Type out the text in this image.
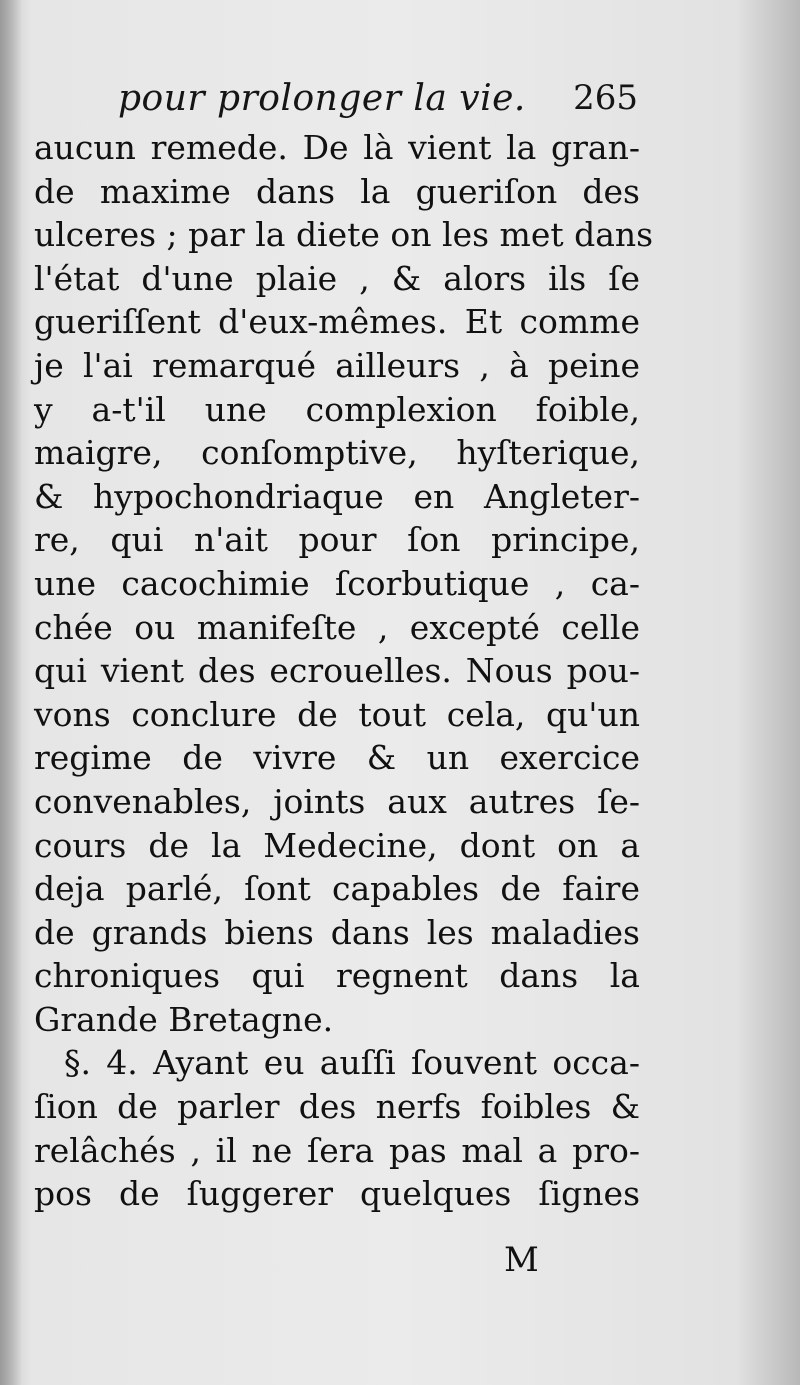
pour prolonger la vie. 265
aucun remede. De là vient la gran-
de maxime dans la gueriſon des
ulceres ; par la diete on les met dans
l'état d'une plaie , & alors ils ſe
gueriſſent d'eux-mêmes. Et comme
je l'ai remarqué ailleurs , à peine
y a-t'il une complexion foible,
maigre, conſomptive, hyſterique,
& hypochondriaque en Angleter-
re, qui n'ait pour ſon principe,
une cacochimie ſcorbutique , ca-
chée ou manifeſte , excepté celle
qui vient des ecrouelles. Nous pou-
vons conclure de tout cela, qu'un
regime de vivre & un exercice
convenables, joints aux autres ſe-
cours de la Medecine, dont on a
deja parlé, ſont capables de faire
de grands biens dans les maladies
chroniques qui regnent dans la
Grande Bretagne.
§. 4. Ayant eu auſſi ſouvent occa-
ſion de parler des nerfs foibles &
relâchés , il ne ſera pas mal a pro-
pos de ſuggerer quelques ſignes
M
